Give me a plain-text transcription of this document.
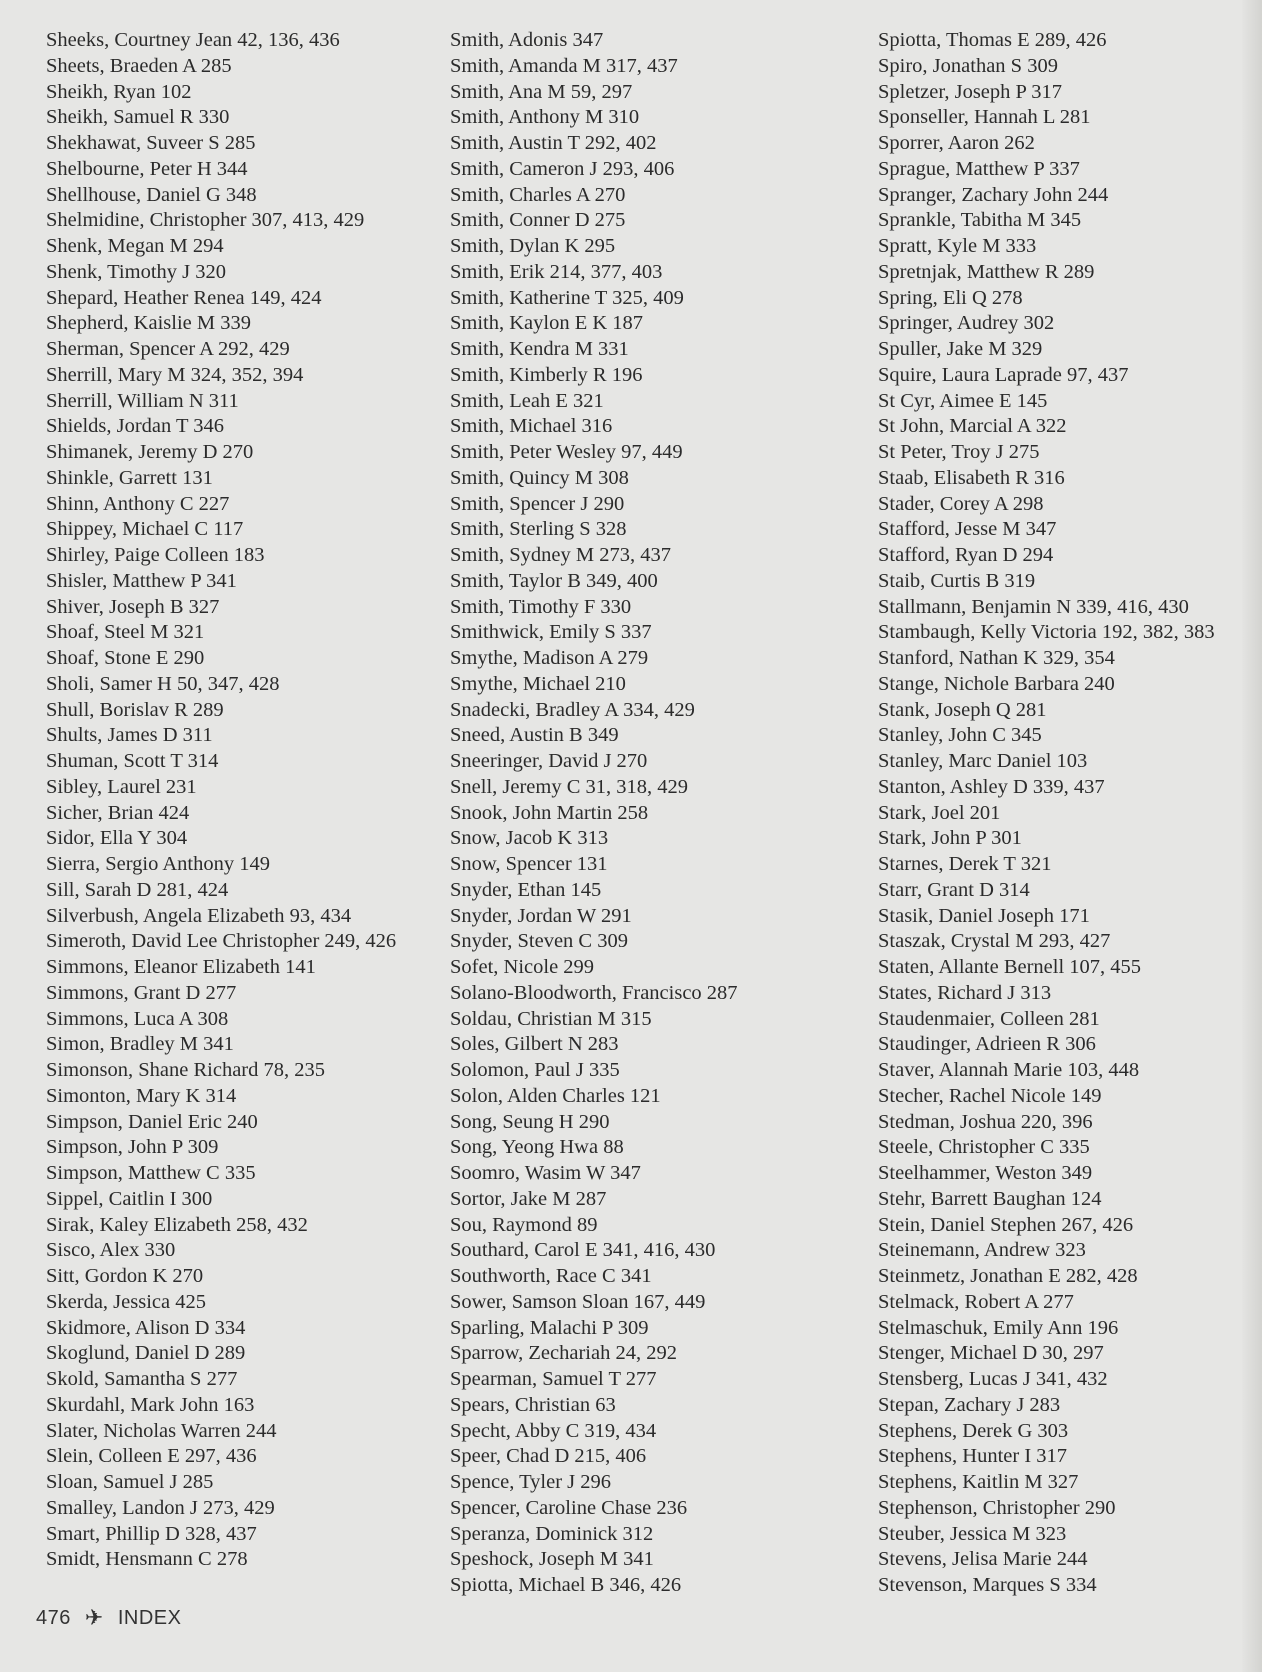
Sheeks, Courtney Jean 42, 136, 436
Sheets, Braeden A 285
Sheikh, Ryan 102
Sheikh, Samuel R 330
Shekhawat, Suveer S 285
Shelbourne, Peter H 344
Shellhouse, Daniel G 348
Shelmidine, Christopher 307, 413, 429
Shenk, Megan M 294
Shenk, Timothy J 320
Shepard, Heather Renea 149, 424
Shepherd, Kaislie M 339
Sherman, Spencer A 292, 429
Sherrill, Mary M 324, 352, 394
Sherrill, William N 311
Shields, Jordan T 346
Shimanek, Jeremy D 270
Shinkle, Garrett 131
Shinn, Anthony C 227
Shippey, Michael C 117
Shirley, Paige Colleen 183
Shisler, Matthew P 341
Shiver, Joseph B 327
Shoaf, Steel M 321
Shoaf, Stone E 290
Sholi, Samer H 50, 347, 428
Shull, Borislav R 289
Shults, James D 311
Shuman, Scott T 314
Sibley, Laurel 231
Sicher, Brian 424
Sidor, Ella Y 304
Sierra, Sergio Anthony 149
Sill, Sarah D 281, 424
Silverbush, Angela Elizabeth 93, 434
Simeroth, David Lee Christopher 249, 426
Simmons, Eleanor Elizabeth 141
Simmons, Grant D 277
Simmons, Luca A 308
Simon, Bradley M 341
Simonson, Shane Richard 78, 235
Simonton, Mary K 314
Simpson, Daniel Eric 240
Simpson, John P 309
Simpson, Matthew C 335
Sippel, Caitlin I 300
Sirak, Kaley Elizabeth 258, 432
Sisco, Alex 330
Sitt, Gordon K 270
Skerda, Jessica 425
Skidmore, Alison D 334
Skoglund, Daniel D 289
Skold, Samantha S 277
Skurdahl, Mark John 163
Slater, Nicholas Warren 244
Slein, Colleen E 297, 436
Sloan, Samuel J 285
Smalley, Landon J 273, 429
Smart, Phillip D 328, 437
Smidt, Hensmann C 278
Smith, Adonis 347
Smith, Amanda M 317, 437
Smith, Ana M 59, 297
Smith, Anthony M 310
Smith, Austin T 292, 402
Smith, Cameron J 293, 406
Smith, Charles A 270
Smith, Conner D 275
Smith, Dylan K 295
Smith, Erik 214, 377, 403
Smith, Katherine T 325, 409
Smith, Kaylon E K 187
Smith, Kendra M 331
Smith, Kimberly R 196
Smith, Leah E 321
Smith, Michael 316
Smith, Peter Wesley 97, 449
Smith, Quincy M 308
Smith, Spencer J 290
Smith, Sterling S 328
Smith, Sydney M 273, 437
Smith, Taylor B 349, 400
Smith, Timothy F 330
Smithwick, Emily S 337
Smythe, Madison A 279
Smythe, Michael 210
Snadecki, Bradley A 334, 429
Sneed, Austin B 349
Sneeringer, David J 270
Snell, Jeremy C 31, 318, 429
Snook, John Martin 258
Snow, Jacob K 313
Snow, Spencer 131
Snyder, Ethan 145
Snyder, Jordan W 291
Snyder, Steven C 309
Sofet, Nicole 299
Solano-Bloodworth, Francisco 287
Soldau, Christian M 315
Soles, Gilbert N 283
Solomon, Paul J 335
Solon, Alden Charles 121
Song, Seung H 290
Song, Yeong Hwa 88
Soomro, Wasim W 347
Sortor, Jake M 287
Sou, Raymond 89
Southard, Carol E 341, 416, 430
Southworth, Race C 341
Sower, Samson Sloan 167, 449
Sparling, Malachi P 309
Sparrow, Zechariah 24, 292
Spearman, Samuel T 277
Spears, Christian 63
Specht, Abby C 319, 434
Speer, Chad D 215, 406
Spence, Tyler J 296
Spencer, Caroline Chase 236
Speranza, Dominick 312
Speshock, Joseph M 341
Spiotta, Michael B 346, 426
Spiotta, Thomas E 289, 426
Spiro, Jonathan S 309
Spletzer, Joseph P 317
Sponseller, Hannah L 281
Sporrer, Aaron 262
Sprague, Matthew P 337
Spranger, Zachary John 244
Sprankle, Tabitha M 345
Spratt, Kyle M 333
Spretnjak, Matthew R 289
Spring, Eli Q 278
Springer, Audrey 302
Spuller, Jake M 329
Squire, Laura Laprade 97, 437
St Cyr, Aimee E 145
St John, Marcial A 322
St Peter, Troy J 275
Staab, Elisabeth R 316
Stader, Corey A 298
Stafford, Jesse M 347
Stafford, Ryan D 294
Staib, Curtis B 319
Stallmann, Benjamin N 339, 416, 430
Stambaugh, Kelly Victoria 192, 382, 383
Stanford, Nathan K 329, 354
Stange, Nichole Barbara 240
Stank, Joseph Q 281
Stanley, John C 345
Stanley, Marc Daniel 103
Stanton, Ashley D 339, 437
Stark, Joel 201
Stark, John P 301
Starnes, Derek T 321
Starr, Grant D 314
Stasik, Daniel Joseph 171
Staszak, Crystal M 293, 427
Staten, Allante Bernell 107, 455
States, Richard J 313
Staudenmaier, Colleen 281
Staudinger, Adrieen R 306
Staver, Alannah Marie 103, 448
Stecher, Rachel Nicole 149
Stedman, Joshua 220, 396
Steele, Christopher C 335
Steelhammer, Weston 349
Stehr, Barrett Baughan 124
Stein, Daniel Stephen 267, 426
Steinemann, Andrew 323
Steinmetz, Jonathan E 282, 428
Stelmack, Robert A 277
Stelmaschuk, Emily Ann 196
Stenger, Michael D 30, 297
Stensberg, Lucas J 341, 432
Stepan, Zachary J 283
Stephens, Derek G 303
Stephens, Hunter I 317
Stephens, Kaitlin M 327
Stephenson, Christopher 290
Steuber, Jessica M 323
Stevens, Jelisa Marie 244
Stevenson, Marques S 334
476 ✈ INDEX
